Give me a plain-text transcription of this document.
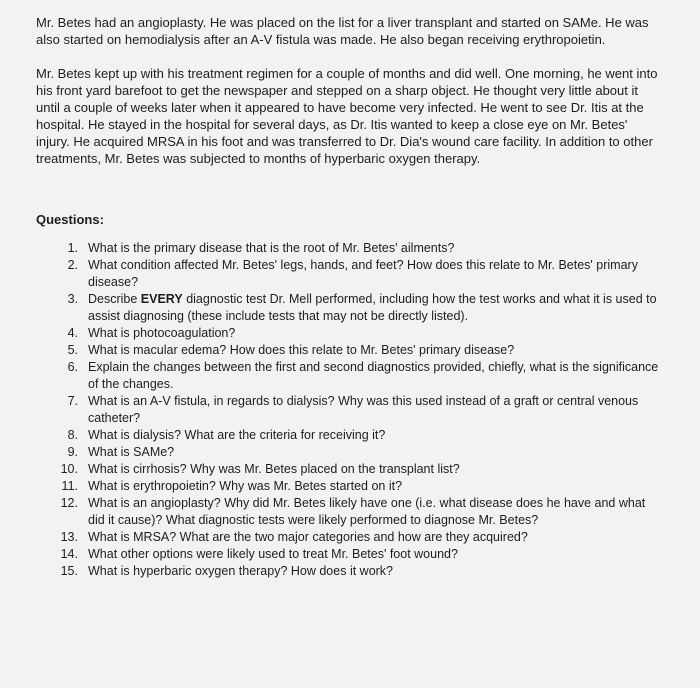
Mr. Betes had an angioplasty. He was placed on the list for a liver transplant and started on SAMe. He was also started on hemodialysis after an A-V fistula was made. He also began receiving erythropoietin.

Mr. Betes kept up with his treatment regimen for a couple of months and did well. One morning, he went into his front yard barefoot to get the newspaper and stepped on a sharp object. He thought very little about it until a couple of weeks later when it appeared to have become very infected. He went to see Dr. Itis at the hospital. He stayed in the hospital for several days, as Dr. Itis wanted to keep a close eye on Mr. Betes' injury. He acquired MRSA in his foot and was transferred to Dr. Dia's wound care facility. In addition to other treatments, Mr. Betes was subjected to months of hyperbaric oxygen therapy.

Questions:
1. What is the primary disease that is the root of Mr. Betes' ailments?
2. What condition affected Mr. Betes' legs, hands, and feet? How does this relate to Mr. Betes' primary disease?
3. Describe EVERY diagnostic test Dr. Mell performed, including how the test works and what it is used to assist diagnosing (these include tests that may not be directly listed).
4. What is photocoagulation?
5. What is macular edema? How does this relate to Mr. Betes' primary disease?
6. Explain the changes between the first and second diagnostics provided, chiefly, what is the significance of the changes.
7. What is an A-V fistula, in regards to dialysis? Why was this used instead of a graft or central venous catheter?
8. What is dialysis? What are the criteria for receiving it?
9. What is SAMe?
10. What is cirrhosis? Why was Mr. Betes placed on the transplant list?
11. What is erythropoietin? Why was Mr. Betes started on it?
12. What is an angioplasty? Why did Mr. Betes likely have one (i.e. what disease does he have and what did it cause)? What diagnostic tests were likely performed to diagnose Mr. Betes?
13. What is MRSA? What are the two major categories and how are they acquired?
14. What other options were likely used to treat Mr. Betes' foot wound?
15. What is hyperbaric oxygen therapy? How does it work?
